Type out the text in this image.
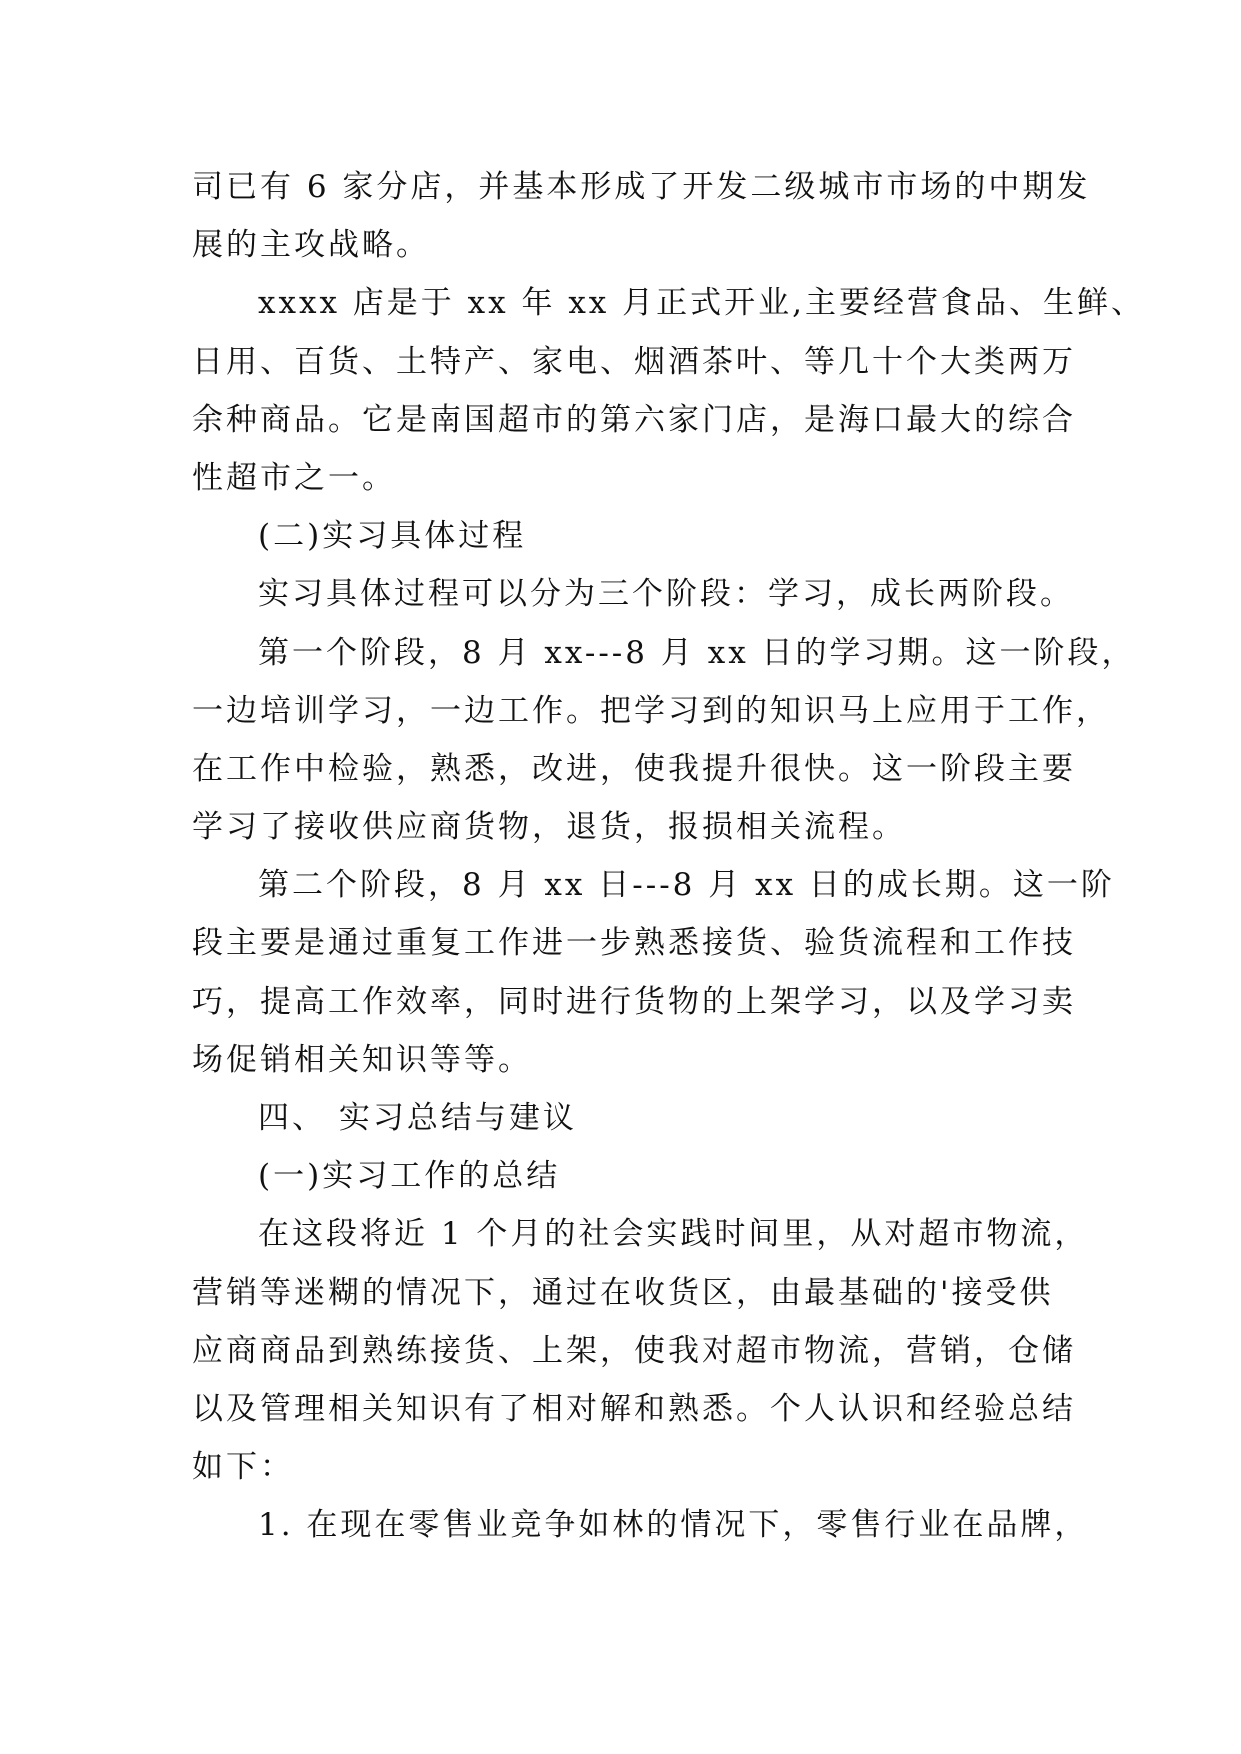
司已有 6 家分店，并基本形成了开发二级城市市场的中期发
展的主攻战略。
xxxx 店是于 xx 年 xx 月正式开业,主要经营食品、生鲜、
日用、百货、土特产、家电、烟酒茶叶、等几十个大类两万
余种商品。它是南国超市的第六家门店，是海口最大的综合
性超市之一。
(二)实习具体过程
实习具体过程可以分为三个阶段：学习，成长两阶段。
第一个阶段，8 月 xx---8 月 xx 日的学习期。这一阶段，
一边培训学习，一边工作。把学习到的知识马上应用于工作，
在工作中检验，熟悉，改进，使我提升很快。这一阶段主要
学习了接收供应商货物，退货，报损相关流程。
第二个阶段，8 月 xx 日---8 月 xx 日的成长期。这一阶
段主要是通过重复工作进一步熟悉接货、验货流程和工作技
巧，提高工作效率，同时进行货物的上架学习，以及学习卖
场促销相关知识等等。
四、 实习总结与建议
(一)实习工作的总结
在这段将近 1 个月的社会实践时间里，从对超市物流，
营销等迷糊的情况下，通过在收货区，由最基础的'接受供
应商商品到熟练接货、上架，使我对超市物流，营销，仓储
以及管理相关知识有了相对解和熟悉。个人认识和经验总结
如下：
1. 在现在零售业竞争如林的情况下，零售行业在品牌，
